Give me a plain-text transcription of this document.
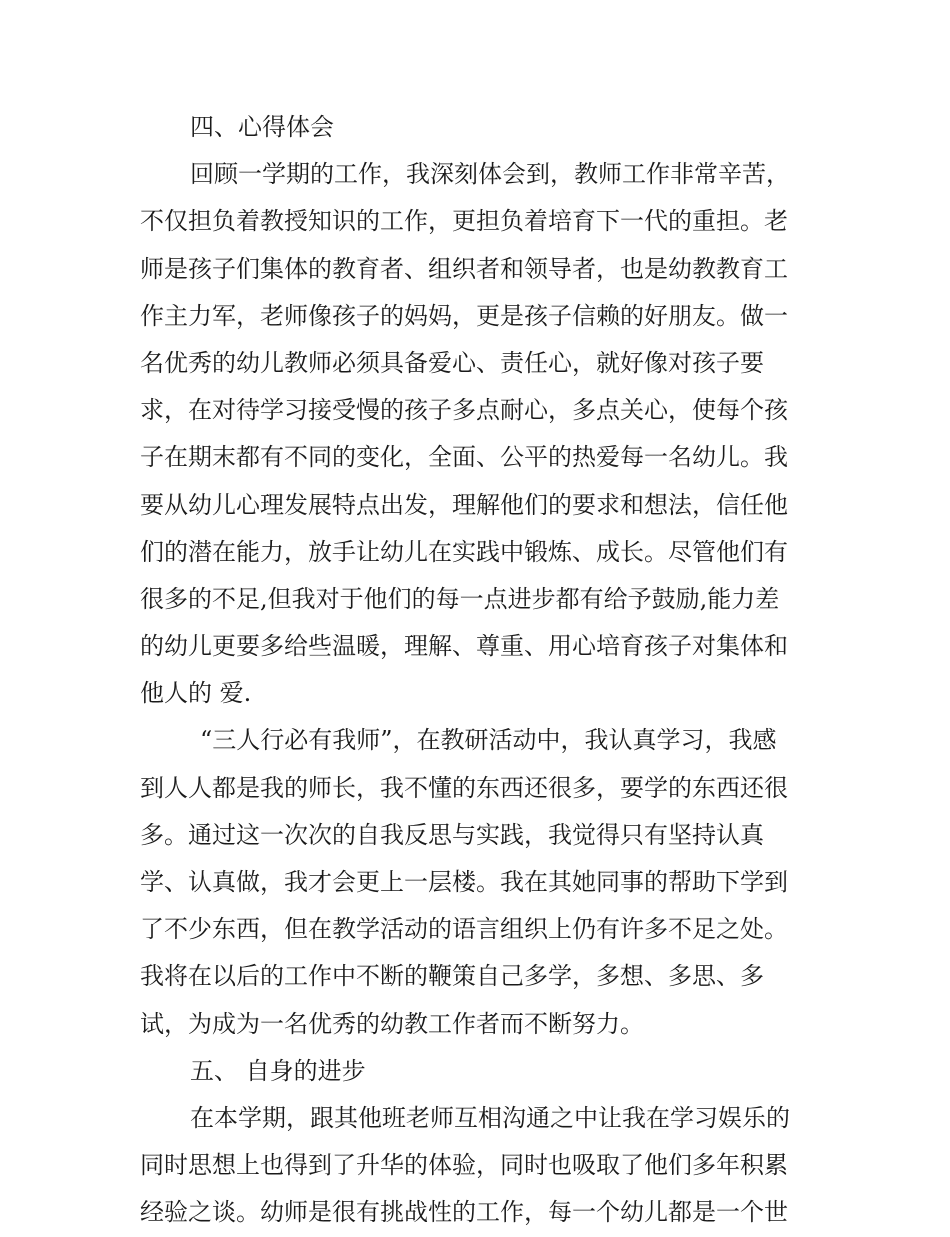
四、心得体会
回顾一学期的工作，我深刻体会到，教师工作非常辛苦，
不仅担负着教授知识的工作，更担负着培育下一代的重担。老
师是孩子们集体的教育者、组织者和领导者，也是幼教教育工
作主力军，老师像孩子的妈妈，更是孩子信赖的好朋友。做一
名优秀的幼儿教师必须具备爱心、责任心，就好像对孩子要
求，在对待学习接受慢的孩子多点耐心，多点关心，使每个孩
子在期末都有不同的变化，全面、公平的热爱每一名幼儿。我
要从幼儿心理发展特点出发，理解他们的要求和想法，信任他
们的潜在能力，放手让幼儿在实践中锻炼、成长。尽管他们有
很多的不足,但我对于他们的每一点进步都有给予鼓励,能力差
的幼儿更要多给些温暖，理解、尊重、用心培育孩子对集体和
他人的 爱.
“三人行必有我师”，在教研活动中，我认真学习，我感
到人人都是我的师长，我不懂的东西还很多，要学的东西还很
多。通过这一次次的自我反思与实践，我觉得只有坚持认真
学、认真做，我才会更上一层楼。我在其她同事的帮助下学到
了不少东西，但在教学活动的语言组织上仍有许多不足之处。
我将在以后的工作中不断的鞭策自己多学，多想、多思、多
试，为成为一名优秀的幼教工作者而不断努力。
五、 自身的进步
在本学期，跟其他班老师互相沟通之中让我在学习娱乐的
同时思想上也得到了升华的体验，同时也吸取了他们多年积累
经验之谈。幼师是很有挑战性的工作，每一个幼儿都是一个世
